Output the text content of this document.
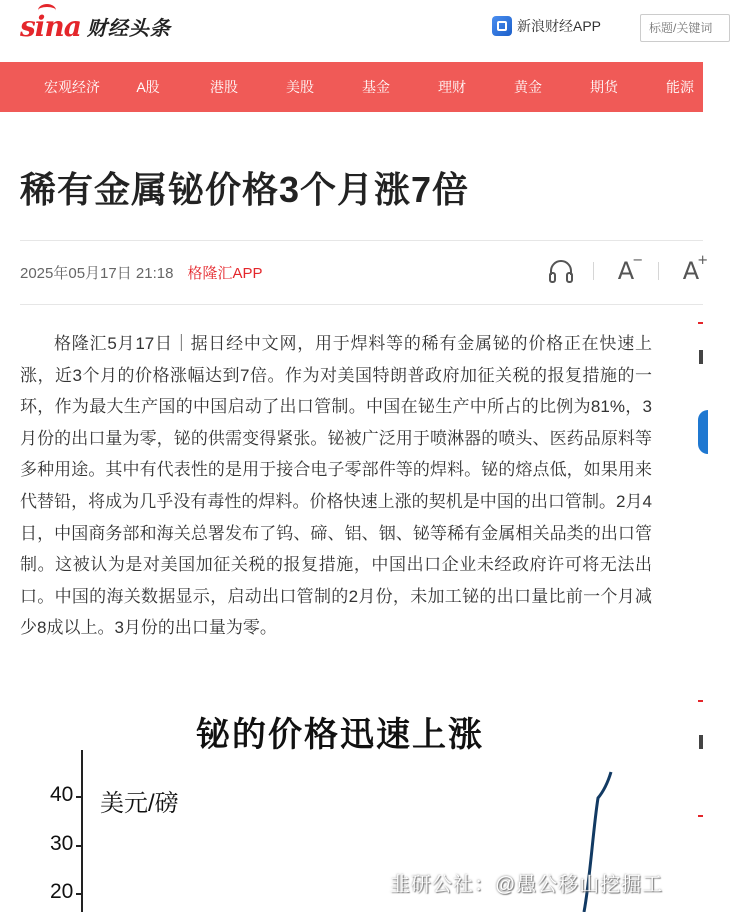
sina 财经头条	新浪财经APP
标题/关键词
宏观经济	A股	港股	美股	基金	理财	黄金	期货	能源
稀有金属铋价格3个月涨7倍
2025年05月17日 21:18 格隆汇APP	A
− A
+

格隆汇5月17日｜据日经中文网，用于焊料等的稀有金属铋的价格正在快速上涨，近3个月的价格涨幅达到7倍。作为对美国特朗普政府加征关税的报复措施的一环，作为最大生产国的中国启动了出口管制。中国在铋生产中所占的比例为81%，3月份的出口量为零，铋的供需变得紧张。铋被广泛用于喷淋器的喷头、医药品原料等多种用途。其中有代表性的是用于接合电子零部件等的焊料。铋的熔点低，如果用来代替铅，将成为几乎没有毒性的焊料。价格快速上涨的契机是中国的出口管制。2月4日，中国商务部和海关总署发布了钨、碲、铝、铟、铋等稀有金属相关品类的出口管制。这被认为是对美国加征关税的报复措施，中国出口企业未经政府许可将无法出口。中国的海关数据显示，启动出口管制的2月份，未加工铋的出口量比前一个月减少8成以上。3月份的出口量为零。

铋的价格迅速上涨
美元/磅
40
30
20	韭研公社：@愚公移山挖掘工
